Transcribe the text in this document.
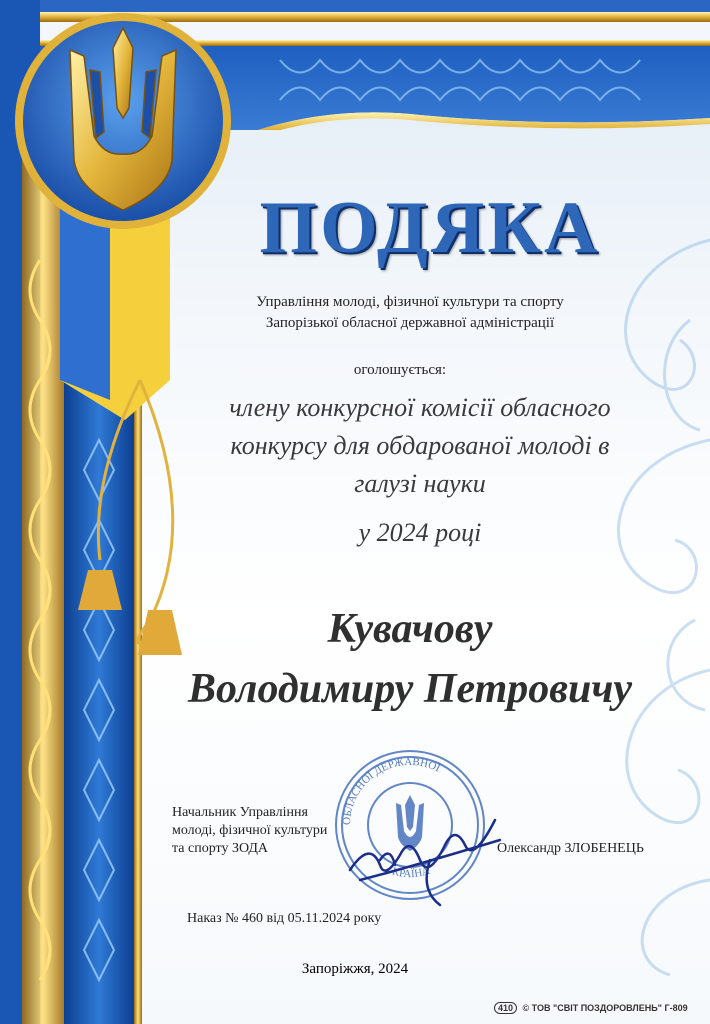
ПОДЯКА
Управління молоді, фізичної культури та спорту
Запорізької обласної державної адміністрації
оголошується:
члену конкурсної комісії обласного
конкурсу для обдарованої молоді в
галузі науки
у 2024 році
Кувачову
Володимиру Петровичу
ОБЛАСНОЇ ДЕРЖАВНОЇ
КРАЇНА
Начальник Управління
молоді, фізичної культури
та спорту ЗОДА	Олександр ЗЛОБЕНЕЦЬ
Наказ № 460 від 05.11.2024 року
Запоріжжя, 2024
410 © ТОВ "СВІТ ПОЗДОРОВЛЕНЬ" Г-809
